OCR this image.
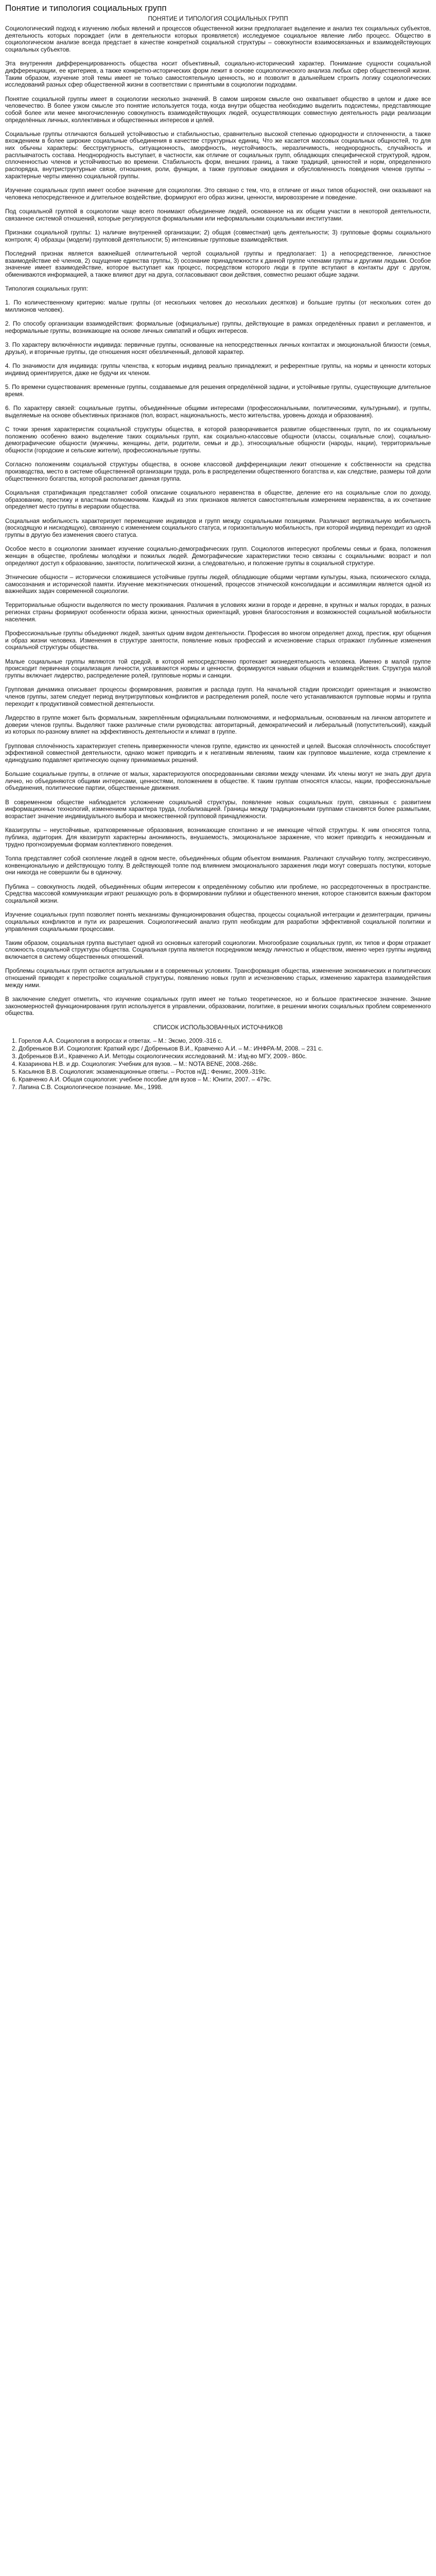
Понятие и типология социальных групп
ПОНЯТИЕ И ТИПОЛОГИЯ СОЦИАЛЬНЫХ ГРУПП

Социологический подход к изучению любых явлений и процессов общественной жизни предполагает выделение и анализ тех социальных субъектов, деятельность которых порождает (или в деятельности которых проявляется) исследуемое социальное явление либо процесс. Общество в социологическом анализе всегда предстает в качестве конкретной социальной структуры – совокупности взаимосвязанных и взаимодействующих социальных субъектов.

Эта внутренняя дифференцированность общества носит объективный, социально-исторический характер. Понимание сущности социальной дифференциации, ее критериев, а также конкретно-исторических форм лежит в основе социологического анализа любых сфер общественной жизни. Таким образом, изучение этой темы имеет не только самостоятельную ценность, но и позволит в дальнейшем строить логику социологических исследований разных сфер общественной жизни в соответствии с принятыми в социологии подходами.

Понятие социальной группы имеет в социологии несколько значений. В самом широком смысле оно охватывает общество в целом и даже все человечество. В более узком смысле это понятие используется тогда, когда внутри общества необходимо выделить подсистемы, представляющие собой более или менее многочисленную совокупность взаимодействующих людей, осуществляющих совместную деятельность ради реализации определённых личных, коллективных и общественных интересов и целей.

Социальные группы отличаются большей устойчивостью и стабильностью, сравнительно высокой степенью однородности и сплоченности, а также вхождением в более широкие социальные объединения в качестве структурных единиц. Что же касается массовых социальных общностей, то для них обычны характеры: бесструктурность, ситуационность, аморфность, неустойчивость, неразличимость, неоднородность, случайность и расплывчатость состава. Неоднородность выступает, в частности, как отличие от социальных групп, обладающих специфической структурой, ядром, сплоченностью членов и устойчивостью во времени. Стабильность форм, внешних границ, а также традиций, ценностей и норм, определенного распорядка, внутриструктурные связи, отношения, роли, функции, а также групповые ожидания и обусловленность поведения членов группы – характерные черты именно социальной группы.

Изучение социальных групп имеет особое значение для социологии. Это связано с тем, что, в отличие от иных типов общностей, они оказывают на человека непосредственное и длительное воздействие, формируют его образ жизни, ценности, мировоззрение и поведение.

Под социальной группой в социологии чаще всего понимают объединение людей, основанное на их общем участии в некоторой деятельности, связанное системой отношений, которые регулируются формальными или неформальными социальными институтами.

Признаки социальной группы: 1) наличие внутренней организации; 2) общая (совместная) цель деятельности; 3) групповые формы социального контроля; 4) образцы (модели) групповой деятельности; 5) интенсивные групповые взаимодействия.

Последний признак является важнейшей отличительной чертой социальной группы и предполагает: 1) а непосредственное, личностное взаимодействие её членов, 2) ощущение единства группы, 3) осознание принадлежности к данной группе членами группы и другими людьми. Особое значение имеет взаимодействие, которое выступает как процесс, посредством которого люди в группе вступают в контакты друг с другом, обмениваются информацией, а также влияют друг на друга, согласовывают свои действия, совместно решают общие задачи.

Типология социальных групп:

1. По количественному критерию: малые группы (от нескольких человек до нескольких десятков) и большие группы (от нескольких сотен до миллионов человек).

2. По способу организации взаимодействия: формальные (официальные) группы, действующие в рамках определённых правил и регламентов, и неформальные группы, возникающие на основе личных симпатий и общих интересов.

3. По характеру включённости индивида: первичные группы, основанные на непосредственных личных контактах и эмоциональной близости (семья, друзья), и вторичные группы, где отношения носят обезличенный, деловой характер.

4. По значимости для индивида: группы членства, к которым индивид реально принадлежит, и референтные группы, на нормы и ценности которых индивид ориентируется, даже не будучи их членом.

5. По времени существования: временные группы, создаваемые для решения определённой задачи, и устойчивые группы, существующие длительное время.

6. По характеру связей: социальные группы, объединённые общими интересами (профессиональными, политическими, культурными), и группы, выделяемые на основе объективных признаков (пол, возраст, национальность, место жительства, уровень дохода и образования).

С точки зрения характеристик социальной структуры общества, в которой разворачивается развитие общественных групп, по их социальному положению особенно важно выделение таких социальных групп, как социально-классовые общности (классы, социальные слои), социально-демографические общности (мужчины, женщины, дети, родители, семьи и др.), этносоциальные общности (народы, нации), территориальные общности (городские и сельские жители), профессиональные группы.

Согласно положениям социальной структуры общества, в основе классовой дифференциации лежит отношение к собственности на средства производства, место в системе общественной организации труда, роль в распределении общественного богатства и, как следствие, размеры той доли общественного богатства, которой располагает данная группа.

Социальная стратификация представляет собой описание социального неравенства в обществе, деление его на социальные слои по доходу, образованию, престижу и властным полномочиям. Каждый из этих признаков является самостоятельным измерением неравенства, а их сочетание определяет место группы в иерархии общества.

Социальная мобильность характеризует перемещение индивидов и групп между социальными позициями. Различают вертикальную мобильность (восходящую и нисходящую), связанную с изменением социального статуса, и горизонтальную мобильность, при которой индивид переходит из одной группы в другую без изменения своего статуса.

Особое место в социологии занимает изучение социально-демографических групп. Социологов интересуют проблемы семьи и брака, положения женщин в обществе, проблемы молодёжи и пожилых людей. Демографические характеристики тесно связаны с социальными: возраст и пол определяют доступ к образованию, занятости, политической жизни, а следовательно, и положение группы в социальной структуре.

Этнические общности – исторически сложившиеся устойчивые группы людей, обладающие общими чертами культуры, языка, психического склада, самосознания и исторической памяти. Изучение межэтнических отношений, процессов этнической консолидации и ассимиляции является одной из важнейших задач современной социологии.

Территориальные общности выделяются по месту проживания. Различия в условиях жизни в городе и деревне, в крупных и малых городах, в разных регионах страны формируют особенности образа жизни, ценностных ориентаций, уровня благосостояния и возможностей социальной мобильности населения.

Профессиональные группы объединяют людей, занятых одним видом деятельности. Профессия во многом определяет доход, престиж, круг общения и образ жизни человека. Изменения в структуре занятости, появление новых профессий и исчезновение старых отражают глубинные изменения социальной структуры общества.

Малые социальные группы являются той средой, в которой непосредственно протекает жизнедеятельность человека. Именно в малой группе происходит первичная социализация личности, усваиваются нормы и ценности, формируются навыки общения и взаимодействия. Структура малой группы включает лидерство, распределение ролей, групповые нормы и санкции.

Групповая динамика описывает процессы формирования, развития и распада групп. На начальной стадии происходит ориентация и знакомство членов группы, затем следует период внутригрупповых конфликтов и распределения ролей, после чего устанавливаются групповые нормы и группа переходит к продуктивной совместной деятельности.

Лидерство в группе может быть формальным, закреплённым официальными полномочиями, и неформальным, основанным на личном авторитете и доверии членов группы. Выделяют также различные стили руководства: авторитарный, демократический и либеральный (попустительский), каждый из которых по-разному влияет на эффективность деятельности и климат в группе.

Групповая сплочённость характеризует степень приверженности членов группе, единство их ценностей и целей. Высокая сплочённость способствует эффективной совместной деятельности, однако может приводить и к негативным явлениям, таким как групповое мышление, когда стремление к единодушию подавляет критическую оценку принимаемых решений.

Большие социальные группы, в отличие от малых, характеризуются опосредованными связями между членами. Их члены могут не знать друг друга лично, но объединяются общими интересами, ценностями, положением в обществе. К таким группам относятся классы, нации, профессиональные объединения, политические партии, общественные движения.

В современном обществе наблюдается усложнение социальной структуры, появление новых социальных групп, связанных с развитием информационных технологий, изменением характера труда, глобализацией. Границы между традиционными группами становятся более размытыми, возрастает значение индивидуального выбора и множественной групповой принадлежности.

Квазигруппы – неустойчивые, кратковременные образования, возникающие спонтанно и не имеющие чёткой структуры. К ним относятся толпа, публика, аудитория. Для квазигрупп характерны анонимность, внушаемость, эмоциональное заражение, что может приводить к неожиданным и трудно прогнозируемым формам коллективного поведения.

Толпа представляет собой скопление людей в одном месте, объединённых общим объектом внимания. Различают случайную толпу, экспрессивную, конвенциональную и действующую толпу. В действующей толпе под влиянием эмоционального заражения люди могут совершать поступки, которые они никогда не совершили бы в одиночку.

Публика – совокупность людей, объединённых общим интересом к определённому событию или проблеме, но рассредоточенных в пространстве. Средства массовой коммуникации играют решающую роль в формировании публики и общественного мнения, которое становится важным фактором социальной жизни.

Изучение социальных групп позволяет понять механизмы функционирования общества, процессы социальной интеграции и дезинтеграции, причины социальных конфликтов и пути их разрешения. Социологический анализ групп необходим для разработки эффективной социальной политики и управления социальными процессами.

Таким образом, социальная группа выступает одной из основных категорий социологии. Многообразие социальных групп, их типов и форм отражает сложность социальной структуры общества. Социальная группа является посредником между личностью и обществом, именно через группы индивид включается в систему общественных отношений.

Проблемы социальных групп остаются актуальными и в современных условиях. Трансформация общества, изменение экономических и политических отношений приводят к перестройке социальной структуры, появлению новых групп и исчезновению старых, изменению характера взаимодействия между ними.

В заключение следует отметить, что изучение социальных групп имеет не только теоретическое, но и большое практическое значение. Знание закономерностей функционирования групп используется в управлении, образовании, политике, в решении многих социальных проблем современного общества.

СПИСОК ИСПОЛЬЗОВАННЫХ ИСТОЧНИКОВ
1. Горелов А.А. Социология в вопросах и ответах. – М.: Эксмо, 2009.-316 с.
2. Добреньков В.И. Социология: Краткий курс / Добреньков В.И., Кравченко А.И. – М.: ИНФРА-М, 2008. – 231 с.
3. Добреньков В.И., Кравченко А.И. Методы социологических исследований. М.: Изд-во МГУ, 2009.- 860с.
4. Казаринова Н.В. и др. Социология: Учебник для вузов. – М.: NOTA BENE, 2008.-268с.
5. Касьянов В.В. Социология: экзаменационные ответы. – Ростов н/Д.: Феникс, 2009.-319с.
6. Кравченко А.И. Общая социология: учебное пособие для вузов – М.: Юнити, 2007. – 479с.
7. Лапина С.В. Социологическое познание. Мн., 1998.
